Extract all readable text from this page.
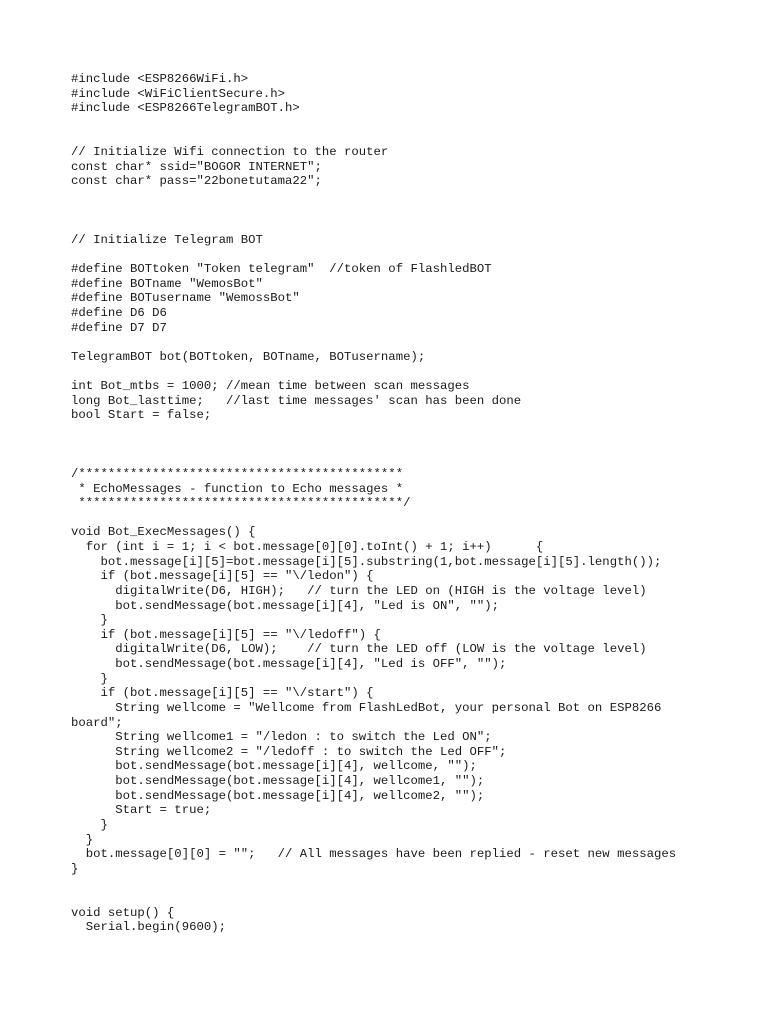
#include <ESP8266WiFi.h>
#include <WiFiClientSecure.h>
#include <ESP8266TelegramBOT.h>
// Initialize Wifi connection to the router
const char* ssid="BOGOR INTERNET";
const char* pass="22bonetutama22";
// Initialize Telegram BOT
#define BOTtoken "Token telegram"  //token of FlashledBOT
#define BOTname "WemosBot"
#define BOTusername "WemossBot"
#define D6 D6
#define D7 D7
TelegramBOT bot(BOTtoken, BOTname, BOTusername);
int Bot_mtbs = 1000; //mean time between scan messages
long Bot_lasttime;   //last time messages' scan has been done
bool Start = false;
/********************************************
* EchoMessages - function to Echo messages *
********************************************/
void Bot_ExecMessages() {
for (int i = 1; i < bot.message[0][0].toInt() + 1; i++)      {
bot.message[i][5]=bot.message[i][5].substring(1,bot.message[i][5].length());
if (bot.message[i][5] == "\/ledon") {
digitalWrite(D6, HIGH);   // turn the LED on (HIGH is the voltage level)
bot.sendMessage(bot.message[i][4], "Led is ON", "");
}
if (bot.message[i][5] == "\/ledoff") {
digitalWrite(D6, LOW);    // turn the LED off (LOW is the voltage level)
bot.sendMessage(bot.message[i][4], "Led is OFF", "");
}
if (bot.message[i][5] == "\/start") {
String wellcome = "Wellcome from FlashLedBot, your personal Bot on ESP8266
board";
String wellcome1 = "/ledon : to switch the Led ON";
String wellcome2 = "/ledoff : to switch the Led OFF";
bot.sendMessage(bot.message[i][4], wellcome, "");
bot.sendMessage(bot.message[i][4], wellcome1, "");
bot.sendMessage(bot.message[i][4], wellcome2, "");
Start = true;
}
}
bot.message[0][0] = "";   // All messages have been replied - reset new messages
}
void setup() {
Serial.begin(9600);
